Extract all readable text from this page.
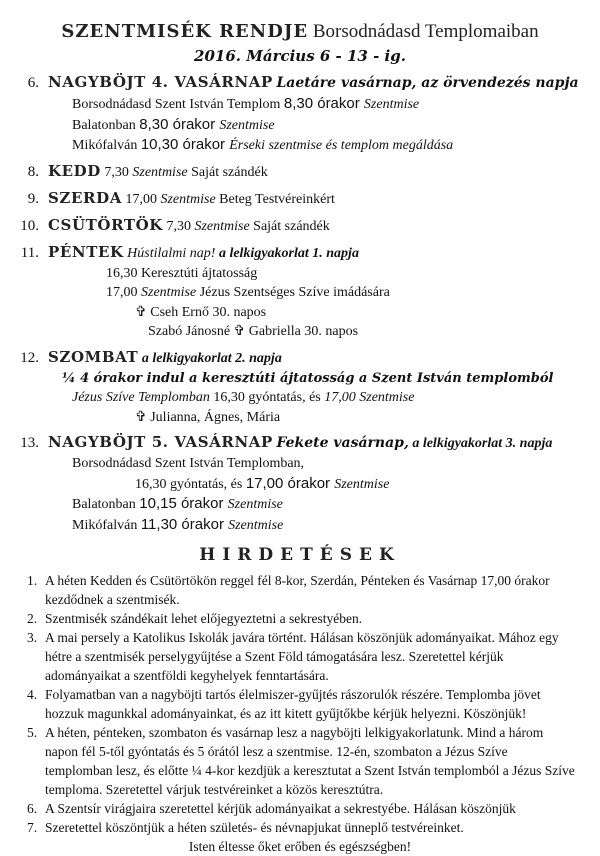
SZENTMISÉK RENDJE Borsodnádasd Templomaiban
2016. Március 6 - 13 - ig.
6. NAGYBÖJT 4. VASÁRNAP Laetáre vasárnap, az örvendezés napja
Borsodnádasd Szent István Templom 8,30 órakor Szentmise
Balatonban 8,30 órakor Szentmise
Mikófalván 10,30 órakor Érseki szentmise és templom megáldása
8. KEDD 7,30 Szentmise Saját szándék
9. SZERDA 17,00 Szentmise Beteg Testvéreinkért
10. CSÜTÖRTÖK 7,30 Szentmise Saját szándék
11. PÉNTEK Hústilalmi nap! a lelkigyakorlat 1. napja
16,30 Keresztúti ájtatosság
17,00 Szentmise Jézus Szentséges Szíve imádására
✞ Cseh Ernő 30. napos
Szabó Jánosné ✞ Gabriella 30. napos
12. SZOMBAT a lelkigyakorlat 2. napja
¼ 4 órakor indul a keresztúti ájtatosság a Szent István templomból
Jézus Szíve Templomban 16,30 gyóntatás, és 17,00 Szentmise
✞ Julianna, Ágnes, Mária
13. NAGYBÖJT 5. VASÁRNAP Fekete vasárnap, a lelkigyakorlat 3. napja
Borsodnádasd Szent István Templomban,
16,30 gyóntatás, és 17,00 órakor Szentmise
Balatonban 10,15 órakor Szentmise
Mikófalván 11,30 órakor Szentmise
HIRDETÉSEK
1. A héten Kedden és Csütörtökön reggel fél 8-kor, Szerdán, Pénteken és Vasárnap 17,00 órakor kezdődnek a szentmisék.
2. Szentmisék szándékait lehet előjegyeztetni a sekrestyében.
3. A mai persely a Katolikus Iskolák javára történt. Hálásan köszönjük adományaikat. Mához egy hétre a szentmisék perselygyűjtése a Szent Föld támogatására lesz. Szeretettel kérjük adományaikat a szentföldi kegyhelyek fenntartására.
4. Folyamatban van a nagyböjti tartós élelmiszer-gyűjtés rászorulók részére. Templomba jövet hozzuk magunkkal adományainkat, és az itt kitett gyűjtőkbe kérjük helyezni. Köszönjük!
5. A héten, pénteken, szombaton és vasárnap lesz a nagyböjti lelkigyakorlatunk. Mind a három napon fél 5-től gyóntatás és 5 órától lesz a szentmise. 12-én, szombaton a Jézus Szíve templomban lesz, és előtte ¼ 4-kor kezdjük a keresztutat a Szent István templomból a Jézus Szíve temploma. Szeretettel várjuk testvéreinket a közös keresztútra.
6. A Szentsír virágjaira szeretettel kérjük adományaikat a sekrestyébe. Hálásan köszönjük
7. Szeretettel köszöntjük a héten születés- és névnapjukat ünneplő testvéreinket.
Isten éltesse őket erőben és egészségben!
